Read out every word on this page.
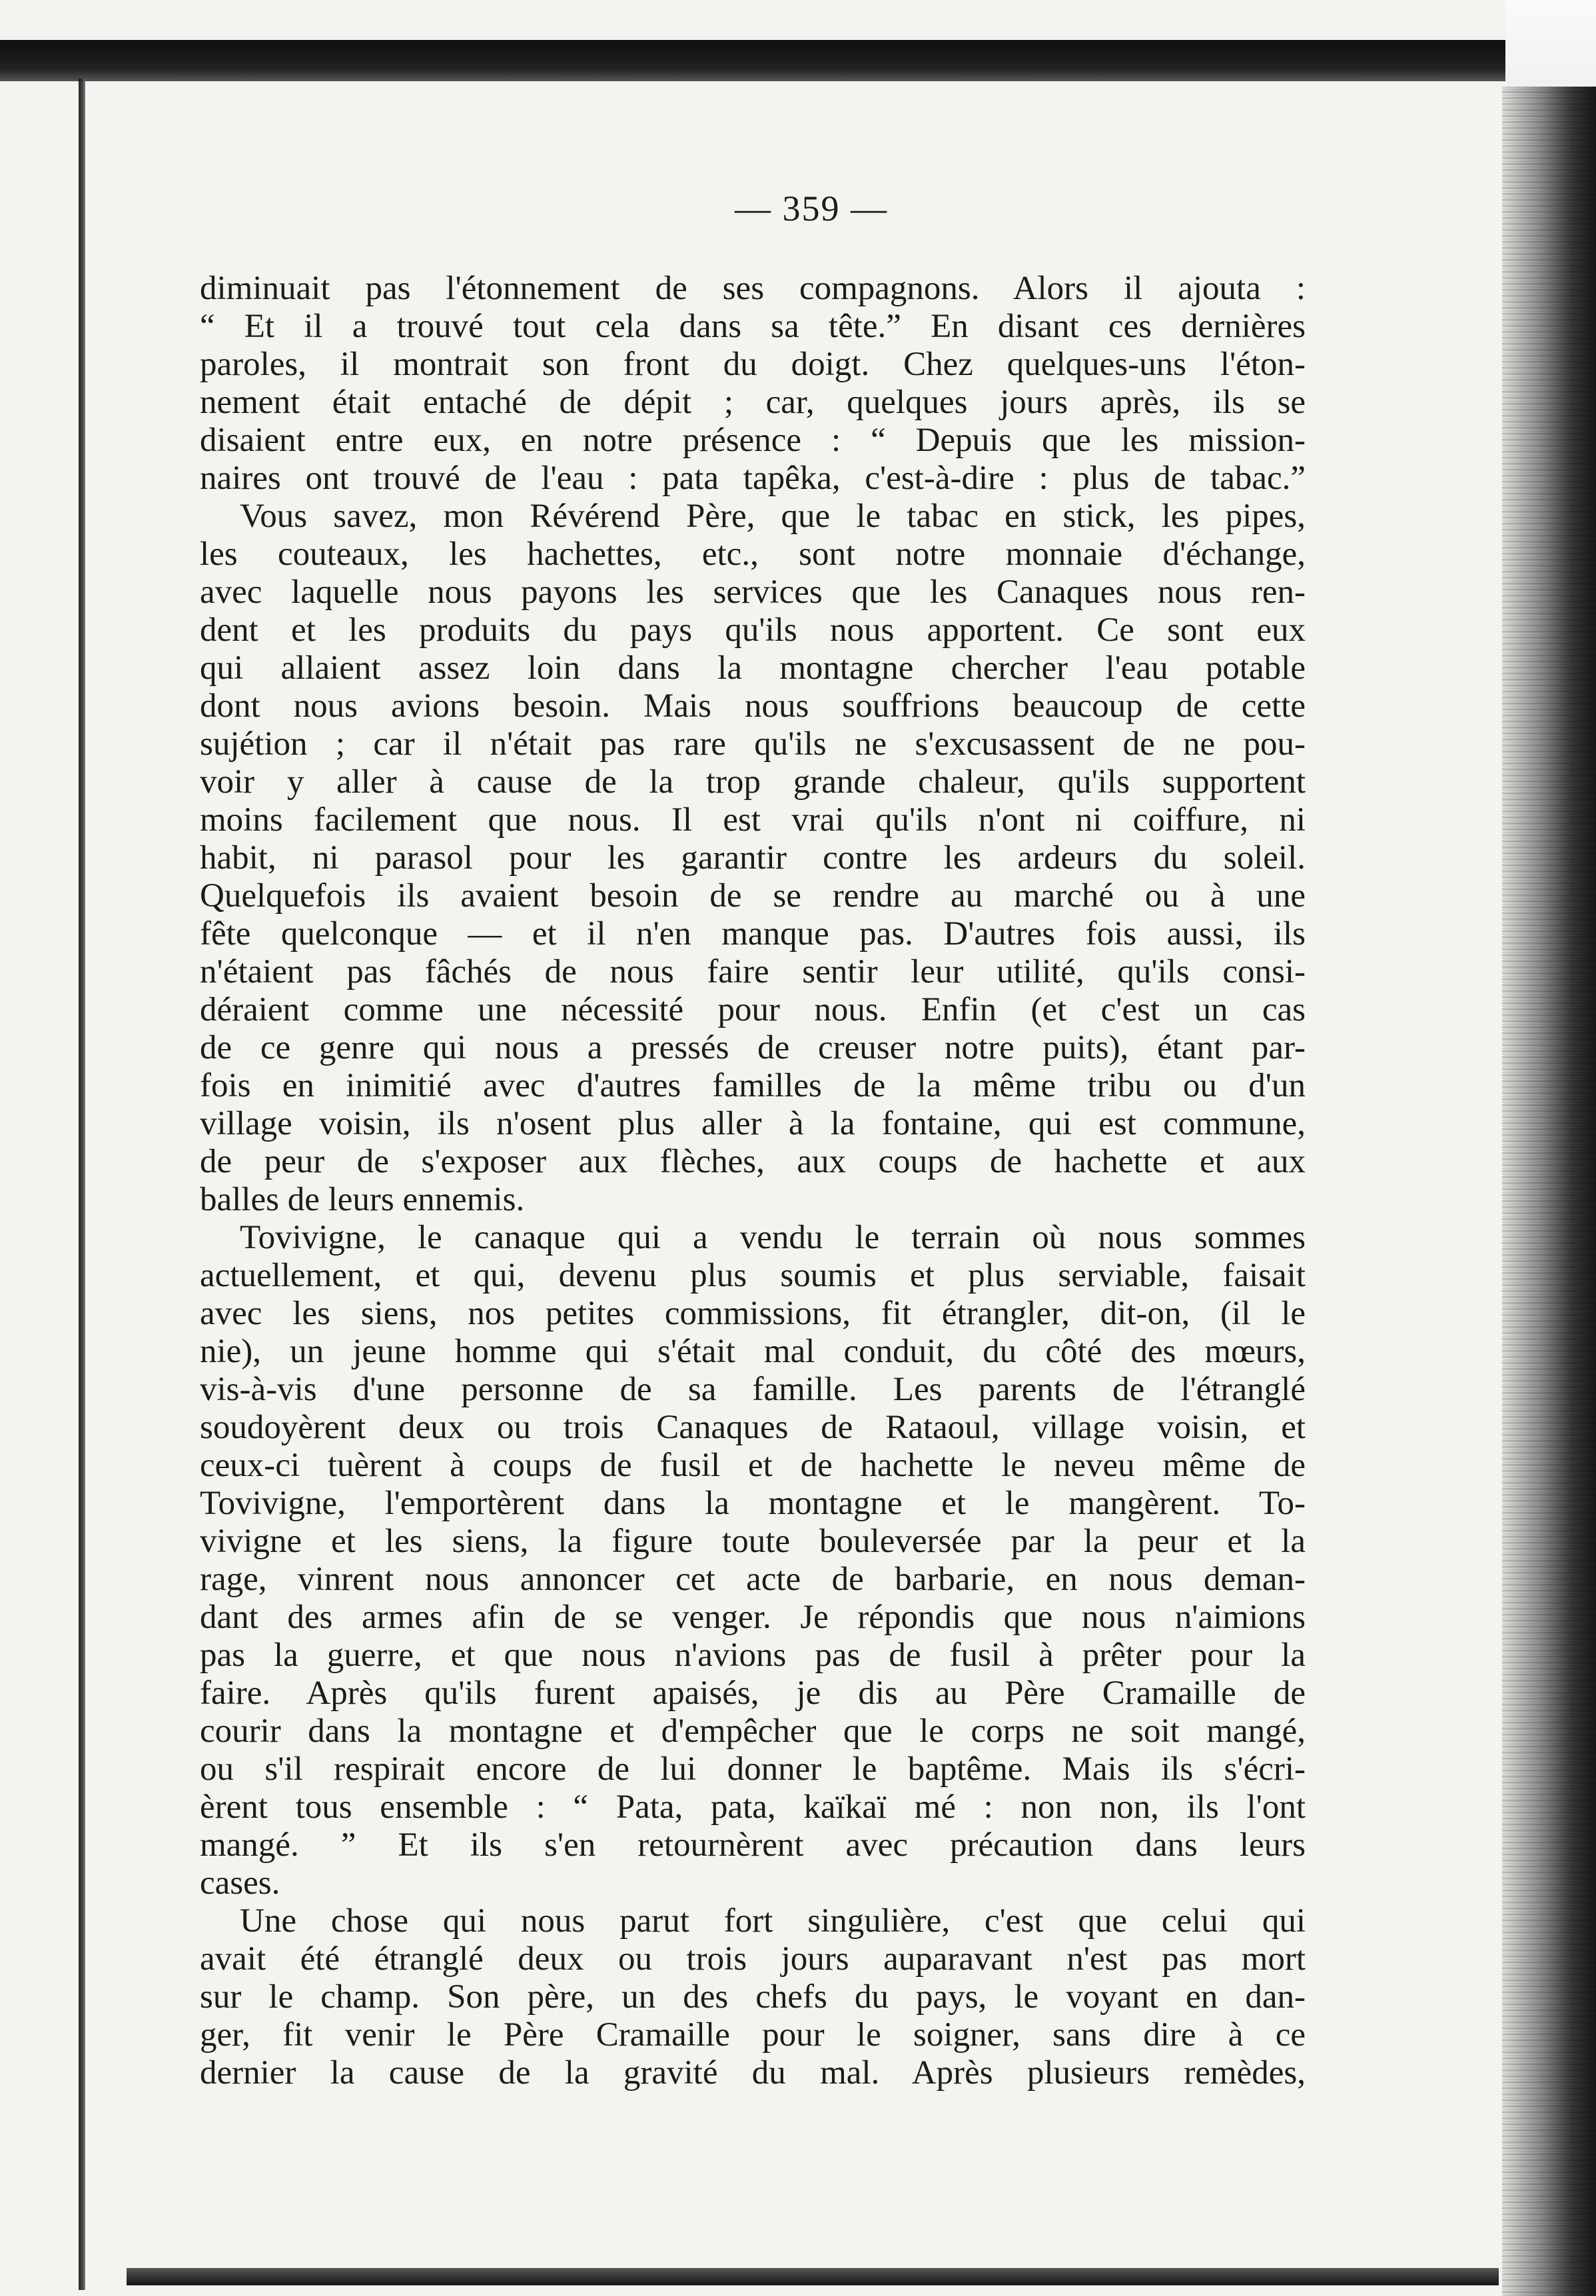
— 359 —
diminuait pas l'étonnement de ses compagnons. Alors il ajouta :
“ Et il a trouvé tout cela dans sa tête.” En disant ces dernières
paroles, il montrait son front du doigt. Chez quelques-uns l'éton-
nement était entaché de dépit ; car, quelques jours après, ils se
disaient entre eux, en notre présence : “ Depuis que les mission-
naires ont trouvé de l'eau : pata tapêka, c'est-à-dire : plus de tabac.”
Vous savez, mon Révérend Père, que le tabac en stick, les pipes,
les couteaux, les hachettes, etc., sont notre monnaie d'échange,
avec laquelle nous payons les services que les Canaques nous ren-
dent et les produits du pays qu'ils nous apportent. Ce sont eux
qui allaient assez loin dans la montagne chercher l'eau potable
dont nous avions besoin. Mais nous souffrions beaucoup de cette
sujétion ; car il n'était pas rare qu'ils ne s'excusassent de ne pou-
voir y aller à cause de la trop grande chaleur, qu'ils supportent
moins facilement que nous. Il est vrai qu'ils n'ont ni coiffure, ni
habit, ni parasol pour les garantir contre les ardeurs du soleil.
Quelquefois ils avaient besoin de se rendre au marché ou à une
fête quelconque — et il n'en manque pas. D'autres fois aussi, ils
n'étaient pas fâchés de nous faire sentir leur utilité, qu'ils consi-
déraient comme une nécessité pour nous. Enfin (et c'est un cas
de ce genre qui nous a pressés de creuser notre puits), étant par-
fois en inimitié avec d'autres familles de la même tribu ou d'un
village voisin, ils n'osent plus aller à la fontaine, qui est commune,
de peur de s'exposer aux flèches, aux coups de hachette et aux
balles de leurs ennemis.
Tovivigne, le canaque qui a vendu le terrain où nous sommes
actuellement, et qui, devenu plus soumis et plus serviable, faisait
avec les siens, nos petites commissions, fit étrangler, dit-on, (il le
nie), un jeune homme qui s'était mal conduit, du côté des mœurs,
vis-à-vis d'une personne de sa famille. Les parents de l'étranglé
soudoyèrent deux ou trois Canaques de Rataoul, village voisin, et
ceux-ci tuèrent à coups de fusil et de hachette le neveu même de
Tovivigne, l'emportèrent dans la montagne et le mangèrent. To-
vivigne et les siens, la figure toute bouleversée par la peur et la
rage, vinrent nous annoncer cet acte de barbarie, en nous deman-
dant des armes afin de se venger. Je répondis que nous n'aimions
pas la guerre, et que nous n'avions pas de fusil à prêter pour la
faire. Après qu'ils furent apaisés, je dis au Père Cramaille de
courir dans la montagne et d'empêcher que le corps ne soit mangé,
ou s'il respirait encore de lui donner le baptême. Mais ils s'écri-
èrent tous ensemble : “ Pata, pata, kaïkaï mé : non non, ils l'ont
mangé. ” Et ils s'en retournèrent avec précaution dans leurs
cases.
Une chose qui nous parut fort singulière, c'est que celui qui
avait été étranglé deux ou trois jours auparavant n'est pas mort
sur le champ. Son père, un des chefs du pays, le voyant en dan-
ger, fit venir le Père Cramaille pour le soigner, sans dire à ce
dernier la cause de la gravité du mal. Après plusieurs remèdes,
